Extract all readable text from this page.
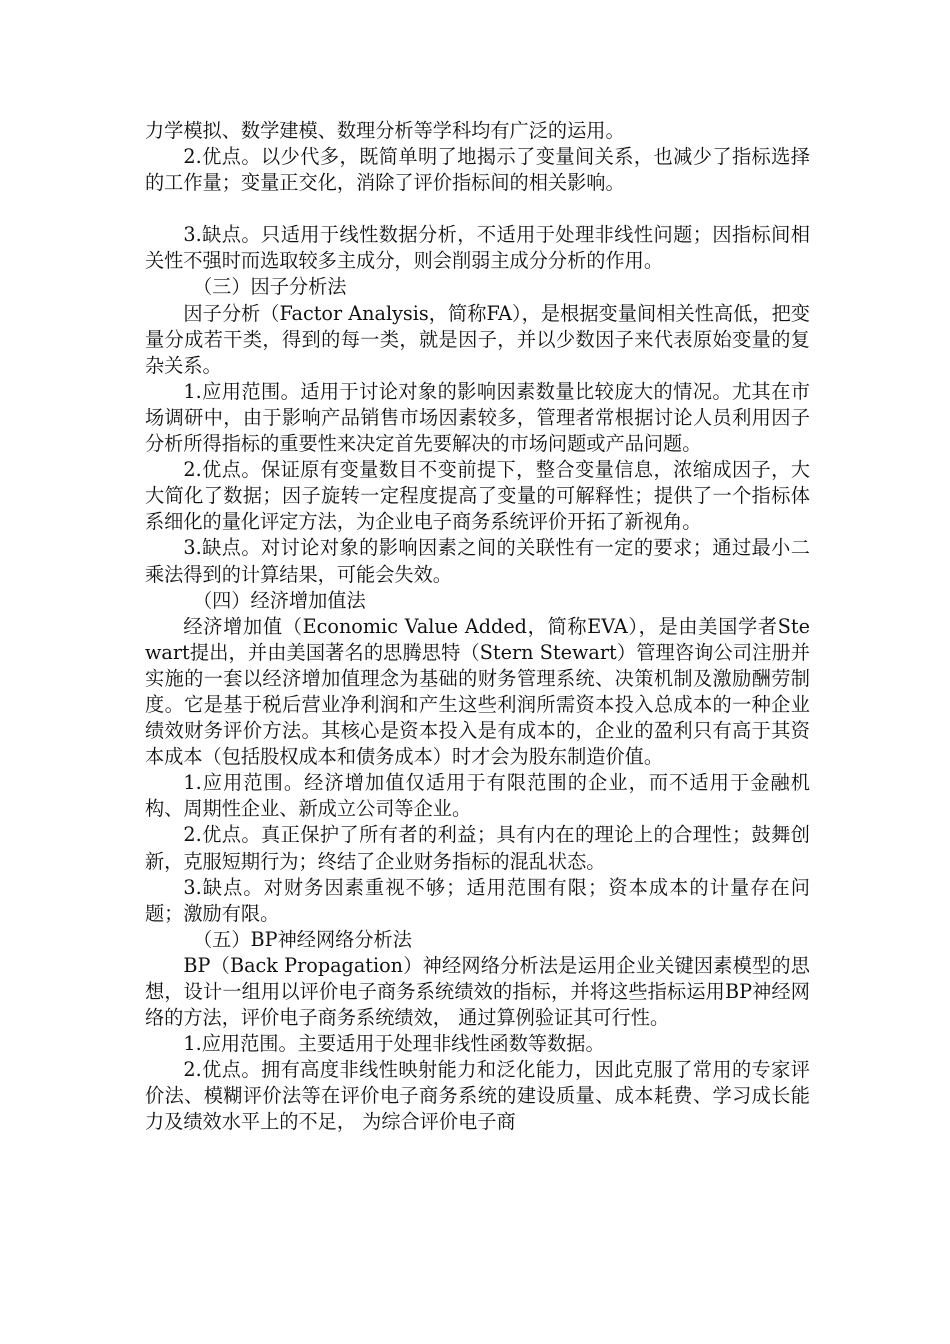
力学模拟、数学建模、数理分析等学科均有广泛的运用。

2.优点。以少代多，既简单明了地揭示了变量间关系，也减少了指标选择的工作量；变量正交化，消除了评价指标间的相关影响。

3.缺点。只适用于线性数据分析，不适用于处理非线性问题；因指标间相关性不强时而选取较多主成分，则会削弱主成分分析的作用。

（三）因子分析法

因子分析（Factor Analysis，简称FA），是根据变量间相关性高低，把变量分成若干类，得到的每一类，就是因子，并以少数因子来代表原始变量的复杂关系。

1.应用范围。适用于讨论对象的影响因素数量比较庞大的情况。尤其在市场调研中，由于影响产品销售市场因素较多，管理者常根据讨论人员利用因子分析所得指标的重要性来决定首先要解决的市场问题或产品问题。

2.优点。保证原有变量数目不变前提下，整合变量信息，浓缩成因子，大大简化了数据；因子旋转一定程度提高了变量的可解释性；提供了一个指标体系细化的量化评定方法，为企业电子商务系统评价开拓了新视角。

3.缺点。对讨论对象的影响因素之间的关联性有一定的要求；通过最小二乘法得到的计算结果，可能会失效。

（四）经济增加值法

经济增加值（Economic Value Added，简称EVA），是由美国学者Stewart提出，并由美国著名的思腾思特（Stern Stewart）管理咨询公司注册并实施的一套以经济增加值理念为基础的财务管理系统、决策机制及激励酬劳制度。它是基于税后营业净利润和产生这些利润所需资本投入总成本的一种企业绩效财务评价方法。其核心是资本投入是有成本的，企业的盈利只有高于其资本成本（包括股权成本和债务成本）时才会为股东制造价值。

1.应用范围。经济增加值仅适用于有限范围的企业，而不适用于金融机构、周期性企业、新成立公司等企业。

2.优点。真正保护了所有者的利益；具有内在的理论上的合理性；鼓舞创新，克服短期行为；终结了企业财务指标的混乱状态。

3.缺点。对财务因素重视不够；适用范围有限；资本成本的计量存在问题；激励有限。

（五）BP神经网络分析法

BP（Back Propagation）神经网络分析法是运用企业关键因素模型的思想，设计一组用以评价电子商务系统绩效的指标，并将这些指标运用BP神经网络的方法，评价电子商务系统绩效， 通过算例验证其可行性。

1.应用范围。主要适用于处理非线性函数等数据。

2.优点。拥有高度非线性映射能力和泛化能力，因此克服了常用的专家评价法、模糊评价法等在评价电子商务系统的建设质量、成本耗费、学习成长能力及绩效水平上的不足， 为综合评价电子商
